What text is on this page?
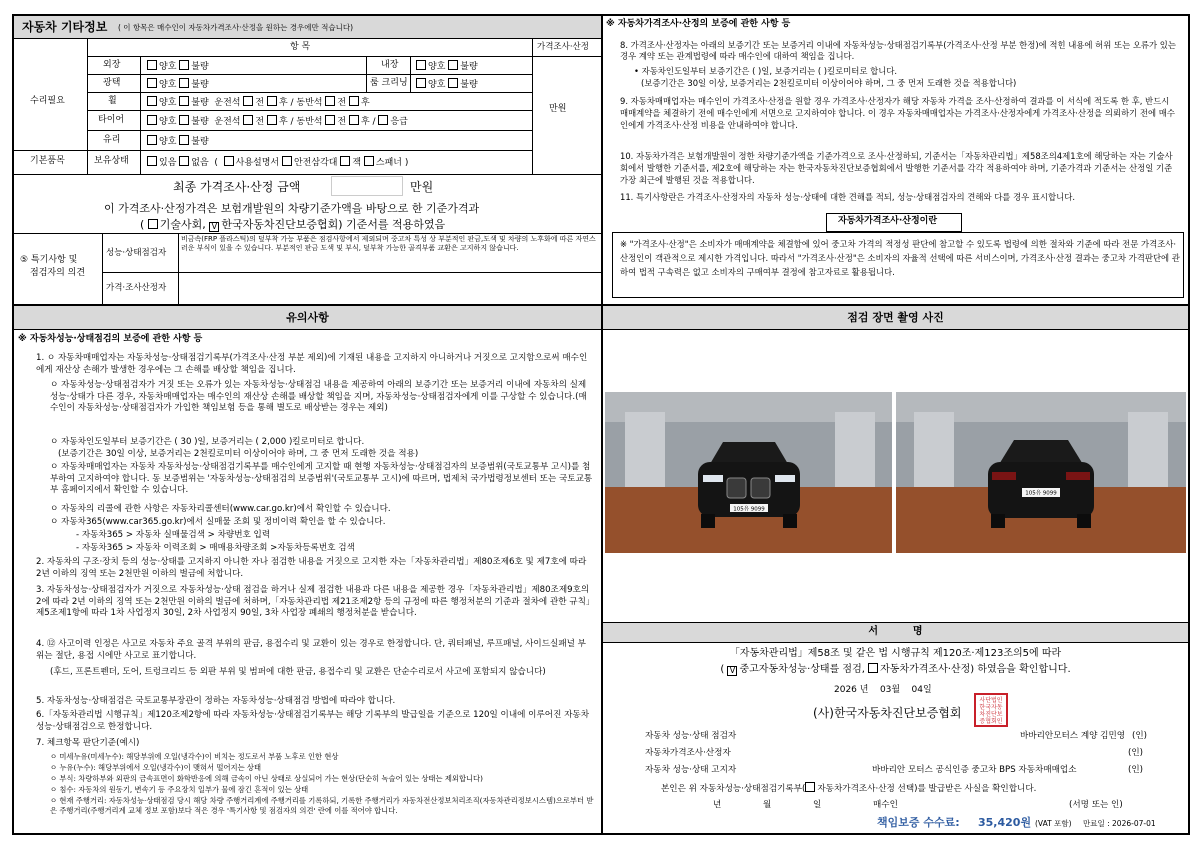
자동차 기타정보 ( 이 항목은 매수인이 자동차가격조사·산정을 원하는 경우에만 적습니다)
항 목	가격조사·산정
수리필요
기본품목
외장	양호 불량	내장	양호 불량
광택	양호 불량	룸 크리닝	양호 불량
휠	양호 불량 운전석 전 후 / 동반석 전 후
타이어	양호 불량 운전석 전 후 / 동반석 전 후 / 응급
유리	양호 불량
보유상태	있음 없음  (  사용설명서 안전삼각대 잭 스패너 )
만원
최종 가격조사·산정 금액	만원
이 가격조사·산정가격은 보험개발원의 차량기준가액을 바탕으로 한 기준가격과
( 기술사회, V 한국자동차진단보증협회) 기준서를 적용하였음
⑤ 특기사항 및
점검자의 의견
성능·상태점검자
비금속(FRP 플라스틱)의 덮부착 가능 부품은 점검사항에서 제외되며 중고차 특성 상 부분적인 판금,도색 및 차량의 노후화에 따른 자연스러운 부식이 있을 수 있습니다. 부분적인 판금 도색 및 부식, 덮부착 가능한 골격부품 교환은 고지하지 않습니다.
가격·조사산정자
※ 자동차가격조사·산정의 보증에 관한 사항 등
8. 가격조사·산정자는 아래의 보증기간 또는 보증거리 이내에 자동차성능·상태점검기록부(가격조사·산정 부분 한정)에 적힌 내용에 허위 또는 오류가 있는 경우 계약 또는 관계법령에 따라 매수인에 대하여 책임을 집니다.
• 자동차인도일부터 보증기간은 ( )일, 보증거리는 ( )킬로미터로 합니다.
(보증기간은 30일 이상, 보증거리는 2천킬로미터 이상이어야 하며, 그 중 먼저 도래한 것을 적용합니다)
9. 자동차매매업자는 매수인이 가격조사·산정을 원할 경우 가격조사·산정자가 해당 자동차 가격을 조사·산정하여 결과를 이 서식에 적도록 한 후, 반드시 매매계약을 체결하기 전에 매수인에게 서면으로 고지하여야 합니다. 이 경우 자동차매매업자는 가격조사·산정자에게 가격조사·산정을 의뢰하기 전에 매수인에게 가격조사·산정 비용을 안내하여야 합니다.
10. 자동차가격은 보험개발원이 정한 차량기준가액을 기준가격으로 조사·산정하되, 기준서는「자동차관리법」제58조의4제1호에 해당하는 자는 기술사회에서 발행한 기준서를, 제2호에 해당하는 자는 한국자동차진단보증협회에서 발행한 기준서를 각각 적용하여야 하며, 기준가격과 기준서는 산정일 기준 가장 최근에 발행된 것을 적용합니다.
11. 특기사항란은 가격조사·산정자의 자동차 성능·상태에 대한 견해를 적되, 성능·상태점검자의 견해와 다를 경우 표시합니다.
자동차가격조사·산정이란
※ "가격조사·산정"은 소비자가 매매계약을 체결함에 있어 중고차 가격의 적정성 판단에 참고할 수 있도록 법령에 의한 절차와 기준에 따라 전문 가격조사·산정인이 객관적으로 제시한 가격입니다. 따라서 "가격조사·산정"은 소비자의 자율적 선택에 따른 서비스이며, 가격조사·산정 결과는 중고차 가격판단에 관하여 법적 구속력은 없고 소비자의 구매여부 결정에 참고자료로 활용됩니다.
유의사항	점검 장면 촬영 사진
※ 자동차성능·상태점검의 보증에 관한 사항 등
1. ㅇ 자동차매매업자는 자동차성능·상태점검기록부(가격조사·산정 부분 제외)에 기재된 내용을 고지하지 아니하거나 거짓으로 고지함으로써 매수인에게 재산상 손해가 발생한 경우에는 그 손해를 배상할 책임을 집니다.
ㅇ 자동차성능·상태점검자가 거짓 또는 오류가 있는 자동차성능·상태점검 내용을 제공하여 아래의 보증기간 또는 보증거리 이내에 자동차의 실제 성능·상태가 다른 경우, 자동차매매업자는 매수인의 재산상 손해를 배상할 책임을 지며, 자동차성능·상태점검자에게 이를 구상할 수 있습니다.(매수인이 자동차성능·상태점검자가 가입한 책임보험 등을 통해 별도로 배상받는 경우는 제외)
ㅇ 자동차인도일부터 보증기간은 ( 30 )일, 보증거리는 ( 2,000 )킬로미터로 합니다.
(보증기간은 30일 이상, 보증거리는 2천킬로미터 이상이어야 하며, 그 중 먼저 도래한 것을 적용)
ㅇ 자동차매매업자는 자동차 자동차성능·상태점검기록부를 매수인에게 고지할 때 현행 자동차성능·상태점검자의 보증범위(국토교통부 고시)를 첨부하여 고지하여야 합니다. 동 보증범위는 '자동차성능·상태점검의 보증범위'(국토교통부 고시)에 따르며, 법제처 국가법령정보센터 또는 국토교통부 홈페이지에서 확인할 수 있습니다.
ㅇ 자동차의 리콜에 관한 사항은 자동차리콜센터(www.car.go.kr)에서 확인할 수 있습니다.
ㅇ 자동차365(www.car365.go.kr)에서 실매물 조회 및 정비이력 확인을 할 수 있습니다.
- 자동차365 > 자동차 실매물검색 > 차량번호 입력
- 자동차365 > 자동차 이력조회 > 매매용차량조회 >자동차등록번호 검색
2. 자동차의 구조·장치 등의 성능·상태를 고지하지 아니한 자나 점검한 내용을 거짓으로 고지한 자는「자동차관리법」제80조제6호 및 제7호에 따라 2년 이하의 징역 또는 2천만원 이하의 벌금에 처합니다.
3. 자동차성능·상태점검자가 거짓으로 자동차성능·상태 점검을 하거나 실제 점검한 내용과 다른 내용을 제공한 경우「자동차관리법」제80조제9호의2에 따라 2년 이하의 징역 또는 2천만원 이하의 벌금에 처하며,「자동차관리법 제21조제2항 등의 규정에 따른 행정처분의 기준과 절차에 관한 규칙」제5조제1항에 따라 1차 사업정지 30일, 2차 사업정지 90일, 3차 사업장 폐쇄의 행정처분을 받습니다.
4. ⑫ 사고이력 인정은 사고로 자동차 주요 골격 부위의 판금, 용접수리 및 교환이 있는 경우로 한정합니다. 단, 쿼터패널, 루프패널, 사이드실패널 부위는 절단, 용접 시에만 사고로 표기합니다.
(후드, 프론트펜더, 도어, 트렁크리드 등 외판 부위 및 범퍼에 대한 판금, 용접수리 및 교환은 단순수리로서 사고에 포함되지 않습니다)
5. 자동차성능·상태점검은 국토교통부장관이 정하는 자동차성능·상태점검 방법에 따라야 합니다.
6.「자동차관리법 시행규칙」제120조제2항에 따라 자동차성능·상태점검기록부는 해당 기록부의 발급일을 기준으로 120일 이내에 이루어진 자동차 성능·상태점검으로 한정합니다.
7. 체크항목 판단기준(예시)
ㅇ 미세누유(미세누수): 해당부위에 오일(냉각수)이 비치는 정도로서 부품 노후로 인한 현상
ㅇ 누유(누수): 해당부위에서 오일(냉각수)이 맺혀서 떨어지는 상태
ㅇ 부식: 차량하부와 외판의 금속표면이 화학반응에 의해 금속이 아닌 상태로 상실되어 가는 현상(단순히 녹슬어 있는 상태는 제외합니다)
ㅇ 침수: 자동차의 원동기, 변속기 등 주요장치 일부가 물에 잠긴 흔적이 있는 상태
ㅇ 현재 주행거리: 자동차성능·상태점검 당시 해당 차량 주행거리계에 주행거리를 기록하되, 기록한 주행거리가 자동차전산정보처리조직(자동차관리정보시스템)으로부터 받은 주행거리(주행거리계 교체 정보 포함)보다 적은 경우 '특기사항 및 점검자의 의견' 란에 이를 적어야 합니다.
105유 9099
105유 9099
서          명
「자동차관리법」제58조 및 같은 법 시행규칙 제120조·제123조의5에 따라
( V 중고자동차성능·상태를 점검, 자동차가격조사·산정) 하였음을 확인합니다.
2026 년 03월 04일
(사)한국자동차진단보증협회
사단법인한국자동차진단보증협회인
자동차 성능·상태 점검자	바바리안모터스 계양 김민영 (인)
자동차가격조사·산정자	(인)
자동차 성능·상태 고지자	바바리안 모터스 공식인증 중고차 BPS 자동차매매업소	(인)
본인은 위 자동차성능·상태점검기록부( 자동차가격조사·산정 선택)를 발급받은 사실을 확인합니다.
년	월	일	매수인	(서명 또는 인)
책임보증 수수료: 35,420원 (VAT 포함) 만료일 : 2026-07-01
